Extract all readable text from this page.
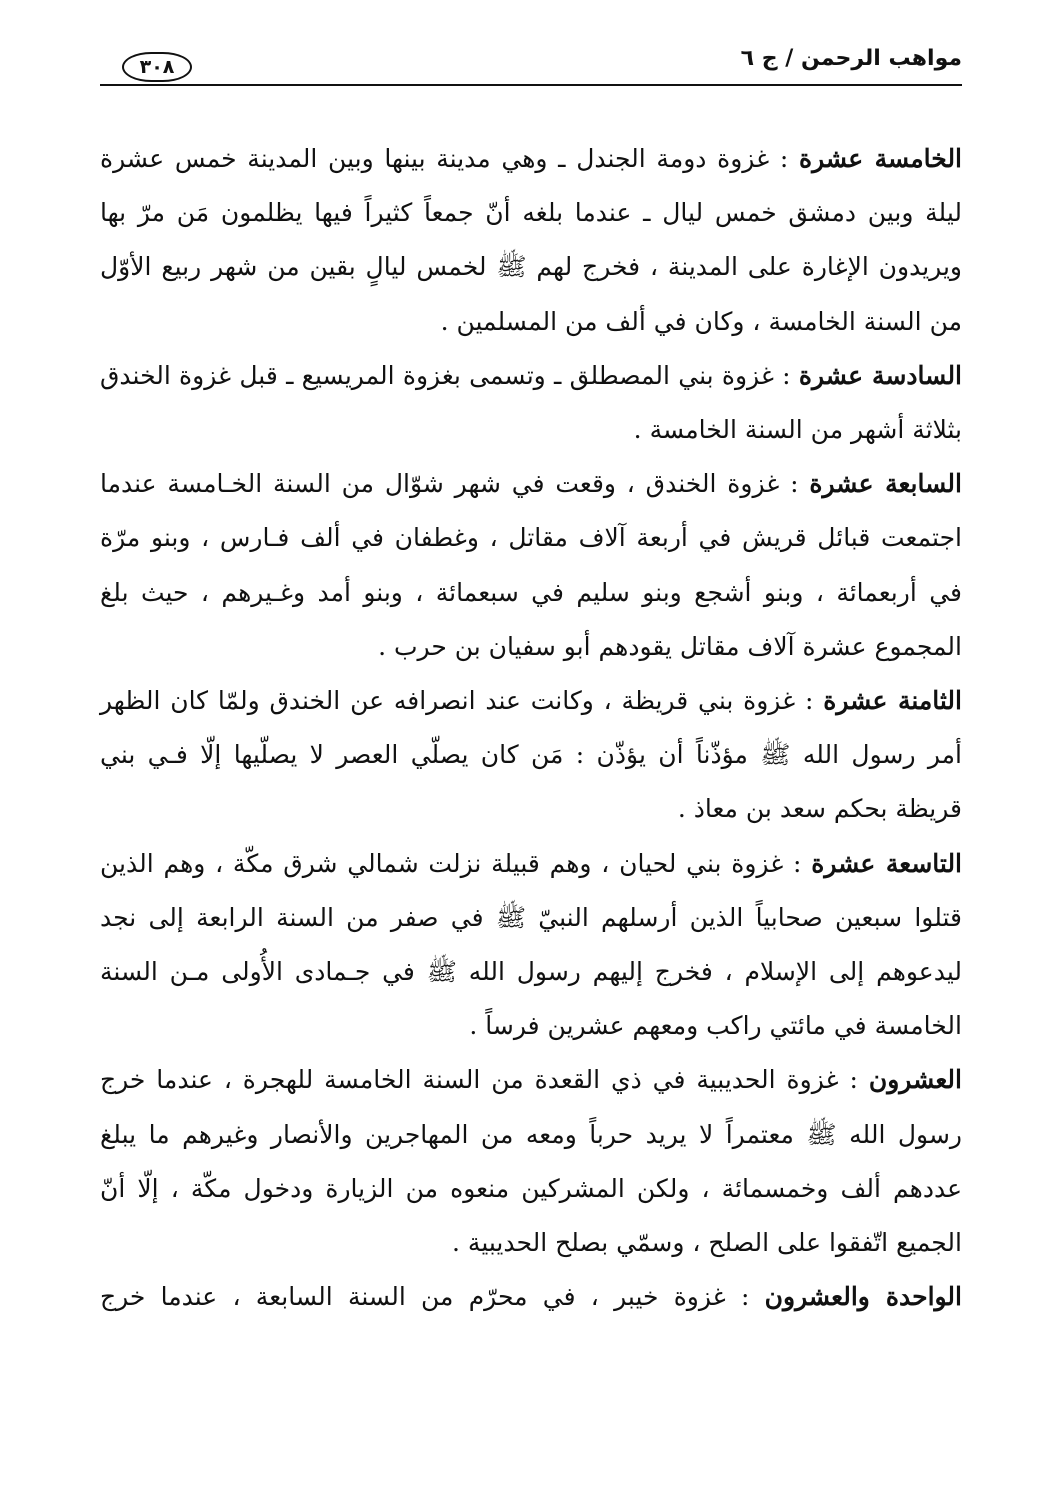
مواهب الرحمن / ج ٦
٣٠٨

الخامسة عشرة : غزوة دومة الجندل ـ وهي مدينة بينها وبين المدينة خمس عشرة ليلة وبين دمشق خمس ليال ـ عندما بلغه أنّ جمعاً كثيراً فيها يظلمون مَن مرّ بها ويريدون الإغارة على المدينة ، فخرج لهم ﷺ لخمس ليالٍ بقين من شهر ربيع الأوّل من السنة الخامسة ، وكان في ألف من المسلمين .

السادسة عشرة : غزوة بني المصطلق ـ وتسمى بغزوة المريسيع ـ قبل غزوة الخندق بثلاثة أشهر من السنة الخامسة .

السابعة عشرة : غزوة الخندق ، وقعت في شهر شوّال من السنة الخـامسة عندما اجتمعت قبائل قريش في أربعة آلاف مقاتل ، وغطفان في ألف فـارس ، وبنو مرّة في أربعمائة ، وبنو أشجع وبنو سليم في سبعمائة ، وبنو أمد وغـيرهم ، حيث بلغ المجموع عشرة آلاف مقاتل يقودهم أبو سفيان بن حرب .

الثامنة عشرة : غزوة بني قريظة ، وكانت عند انصرافه عن الخندق ولمّا كان الظهر أمر رسول الله ﷺ مؤذّناً أن يؤذّن : مَن كان يصلّي العصر لا يصلّيها إلّا فـي بني قريظة بحكم سعد بن معاذ .

التاسعة عشرة : غزوة بني لحيان ، وهم قبيلة نزلت شمالي شرق مكّة ، وهم الذين قتلوا سبعين صحابياً الذين أرسلهم النبيّ ﷺ في صفر من السنة الرابعة إلى نجد ليدعوهم إلى الإسلام ، فخرج إليهم رسول الله ﷺ في جـمادى الأُولى مـن السنة الخامسة في مائتي راكب ومعهم عشرين فرساً .

العشرون : غزوة الحديبية في ذي القعدة من السنة الخامسة للهجرة ، عندما خرج رسول الله ﷺ معتمراً لا يريد حرباً ومعه من المهاجرين والأنصار وغيرهم ما يبلغ عددهم ألف وخمسمائة ، ولكن المشركين منعوه من الزيارة ودخول مكّة ، إلّا أنّ الجميع اتّفقوا على الصلح ، وسمّي بصلح الحديبية .

الواحدة والعشرون : غزوة خيبر ، في محرّم من السنة السابعة ، عندما خرج
